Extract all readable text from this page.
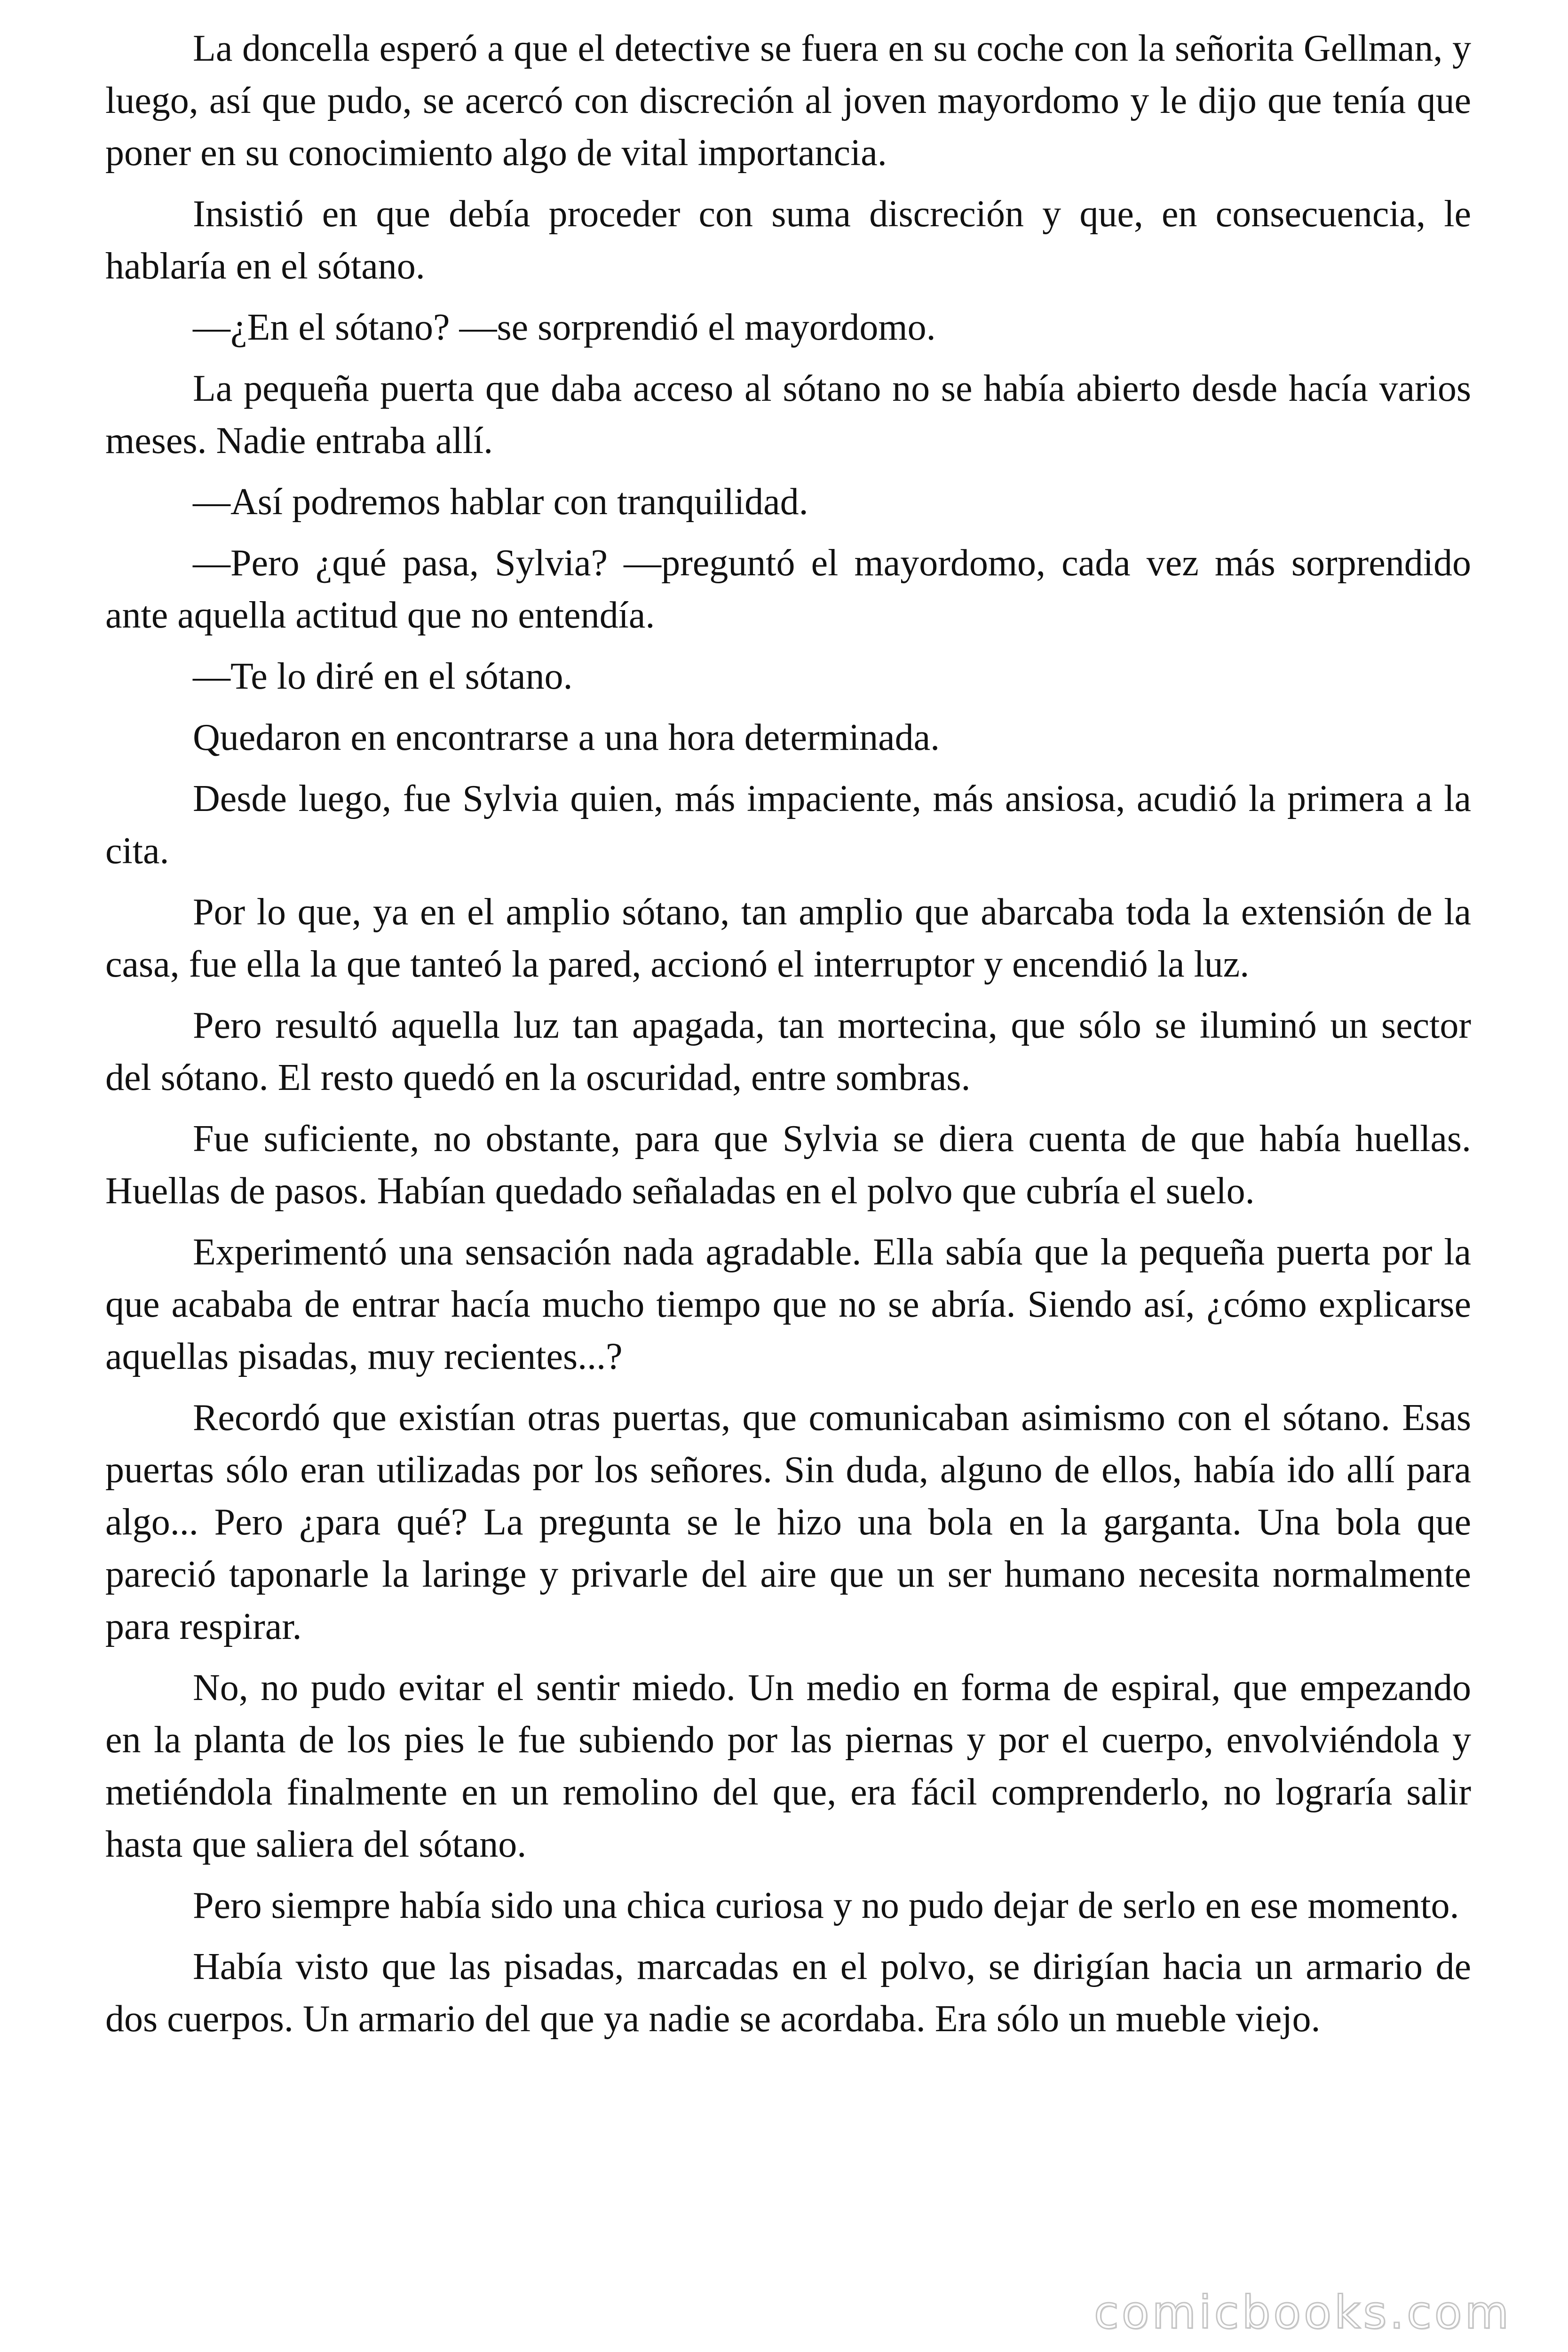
La doncella esperó a que el detective se fuera en su coche con la señorita Gellman, y luego, así que pudo, se acercó con discreción al joven mayordomo y le dijo que tenía que poner en su conocimiento algo de vital importancia.

Insistió en que debía proceder con suma discreción y que, en consecuencia, le hablaría en el sótano.

—¿En el sótano? —se sorprendió el mayordomo.

La pequeña puerta que daba acceso al sótano no se había abierto desde hacía varios meses. Nadie entraba allí.

—Así podremos hablar con tranquilidad.

—Pero ¿qué pasa, Sylvia? —preguntó el mayordomo, cada vez más sorprendido ante aquella actitud que no entendía.

—Te lo diré en el sótano.

Quedaron en encontrarse a una hora determinada.

Desde luego, fue Sylvia quien, más impaciente, más ansiosa, acudió la primera a la cita.

Por lo que, ya en el amplio sótano, tan amplio que abarcaba toda la extensión de la casa, fue ella la que tanteó la pared, accionó el interruptor y encendió la luz.

Pero resultó aquella luz tan apagada, tan mortecina, que sólo se iluminó un sector del sótano. El resto quedó en la oscuridad, entre sombras.

Fue suficiente, no obstante, para que Sylvia se diera cuenta de que había huellas. Huellas de pasos. Habían quedado señaladas en el polvo que cubría el suelo.

Experimentó una sensación nada agradable. Ella sabía que la pequeña puerta por la que acababa de entrar hacía mucho tiempo que no se abría. Siendo así, ¿cómo explicarse aquellas pisadas, muy recientes...?

Recordó que existían otras puertas, que comunicaban asimismo con el sótano. Esas puertas sólo eran utilizadas por los señores. Sin duda, alguno de ellos, había ido allí para algo... Pero ¿para qué? La pregunta se le hizo una bola en la garganta. Una bola que pareció taponarle la laringe y privarle del aire que un ser humano necesita normalmente para respirar.

No, no pudo evitar el sentir miedo. Un medio en forma de espiral, que empezando en la planta de los pies le fue subiendo por las piernas y por el cuerpo, envolviéndola y metiéndola finalmente en un remolino del que, era fácil comprenderlo, no lograría salir hasta que saliera del sótano.

Pero siempre había sido una chica curiosa y no pudo dejar de serlo en ese momento.

Había visto que las pisadas, marcadas en el polvo, se dirigían hacia un armario de dos cuerpos. Un armario del que ya nadie se acordaba. Era sólo un mueble viejo.

comicbooks.com
